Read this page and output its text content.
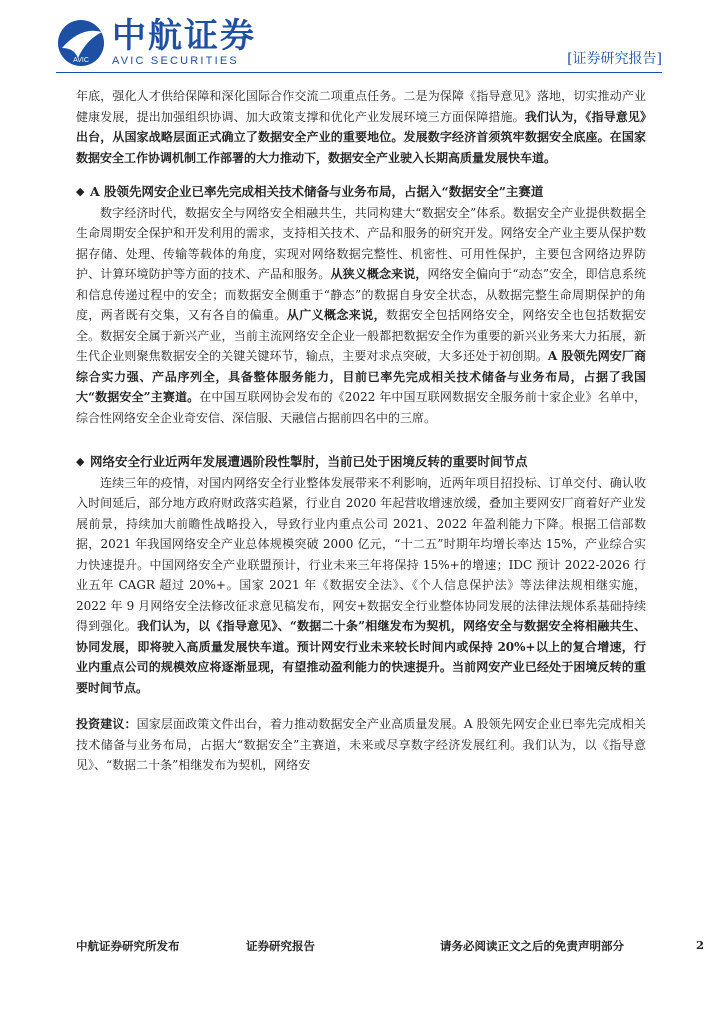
AVIC
中航证券
AVIC SECURITIES	[证券研究报告]

年底，强化人才供给保障和深化国际合作交流二项重点任务。二是为保障《指导意见》落地，切实推动产业健康发展，提出加强组织协调、加大政策支撑和优化产业发展环境三方面保障措施。我们认为，《指导意见》出台，从国家战略层面正式确立了数据安全产业的重要地位。发展数字经济首须筑牢数据安全底座。在国家数据安全工作协调机制工作部署的大力推动下，数据安全产业驶入长期高质量发展快车道。

◆ A 股领先网安企业已率先完成相关技术储备与业务布局，占据入“数据安全”主赛道

数字经济时代，数据安全与网络安全相融共生，共同构建大“数据安全”体系。数据安全产业提供数据全生命周期安全保护和开发利用的需求，支持相关技术、产品和服务的研究开发。网络安全产业主要从保护数据存储、处理、传输等载体的角度，实现对网络数据完整性、机密性、可用性保护，主要包含网络边界防护、计算环境防护等方面的技术、产品和服务。从狭义概念来说，网络安全偏向于“动态”安全，即信息系统和信息传递过程中的安全；而数据安全侧重于“静态”的数据自身安全状态，从数据完整生命周期保护的角度，两者既有交集，又有各自的偏重。从广义概念来说，数据安全包括网络安全，网络安全也包括数据安全。数据安全属于新兴产业，当前主流网络安全企业一般都把数据安全作为重要的新兴业务来大力拓展，新生代企业则聚焦数据安全的关键关键环节，输点，主要对求点突破，大多还处于初创期。A 股领先网安厂商综合实力强、产品序列全，具备整体服务能力，目前已率先完成相关技术储备与业务布局，占据了我国大“数据安全”主赛道。在中国互联网协会发布的《2022 年中国互联网数据安全服务前十家企业》名单中，综合性网络安全企业奇安信、深信服、天融信占据前四名中的三席。

◆ 网络安全行业近两年发展遭遇阶段性掣肘，当前已处于困境反转的重要时间节点

连续三年的疫情，对国内网络安全行业整体发展带来不利影响，近两年项目招投标、订单交付、确认收入时间延后，部分地方政府财政落实趋紧，行业自 2020 年起营收增速放缓，叠加主要网安厂商着好产业发展前景，持续加大前瞻性战略投入，导致行业内重点公司 2021、2022 年盈利能力下降。根据工信部数据，2021 年我国网络安全产业总体规模突破 2000 亿元，“十二五”时期年均增长率达 15%，产业综合实力快速提升。中国网络安全产业联盟预计，行业未来三年将保持 15%+的增速；IDC 预计 2022-2026 行业五年 CAGR 超过 20%+。国家 2021 年《数据安全法》、《个人信息保护法》等法律法规相继实施，2022 年 9 月网络安全法修改征求意见稿发布，网安+数据安全行业整体协同发展的法律法规体系基础持续得到强化。我们认为，以《指导意见》、“数据二十条”相继发布为契机，网络安全与数据安全将相融共生、协同发展，即将驶入高质量发展快车道。预计网安行业未来较长时间内或保持 20%+以上的复合增速，行业内重点公司的规模效应将逐渐显现，有望推动盈利能力的快速提升。当前网安产业已经处于困境反转的重要时间节点。

投资建议：国家层面政策文件出台，着力推动数据安全产业高质量发展。A 股领先网安企业已率先完成相关技术储备与业务布局，占据大“数据安全”主赛道，未来或尽享数字经济发展红利。我们认为，以《指导意见》、“数据二十条”相继发布为契机，网络安

中航证券研究所发布	证券研究报告	请务必阅读正文之后的免责声明部分	2
